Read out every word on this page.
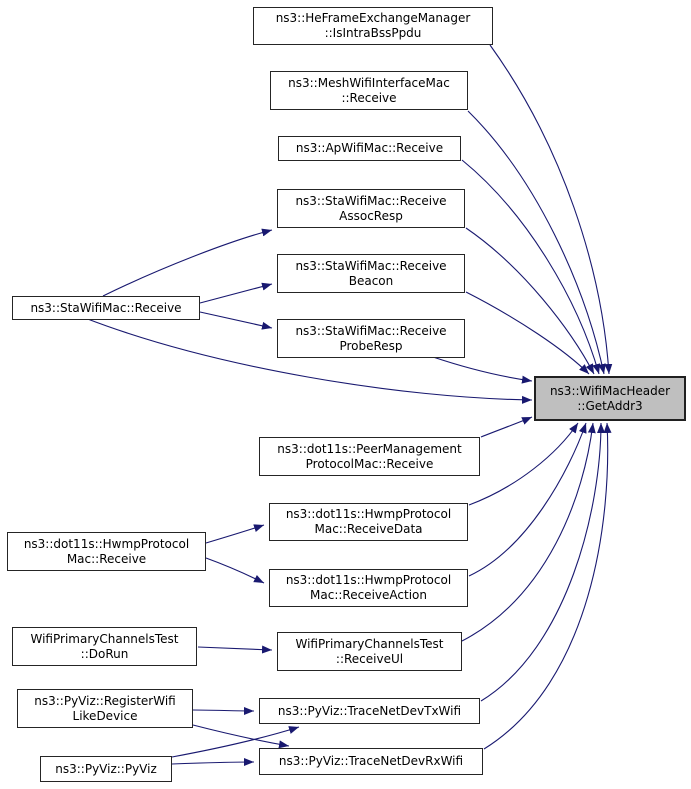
ns3::HeFrameExchangeManager
::IsIntraBssPpdu
ns3::MeshWifiInterfaceMac
::Receive
ns3::ApWifiMac::Receive
ns3::StaWifiMac::Receive
AssocResp
ns3::StaWifiMac::Receive
Beacon
ns3::StaWifiMac::Receive
ns3::StaWifiMac::Receive
ProbeResp
ns3::WifiMacHeader
::GetAddr3
ns3::dot11s::PeerManagement
ProtocolMac::Receive
ns3::dot11s::HwmpProtocol
Mac::ReceiveData
ns3::dot11s::HwmpProtocol
Mac::Receive
ns3::dot11s::HwmpProtocol
Mac::ReceiveAction
WifiPrimaryChannelsTest
::DoRun
WifiPrimaryChannelsTest
::ReceiveUl
ns3::PyViz::RegisterWifi
LikeDevice	ns3::PyViz::TraceNetDevTxWifi
ns3::PyViz::PyViz
ns3::PyViz::TraceNetDevRxWifi
